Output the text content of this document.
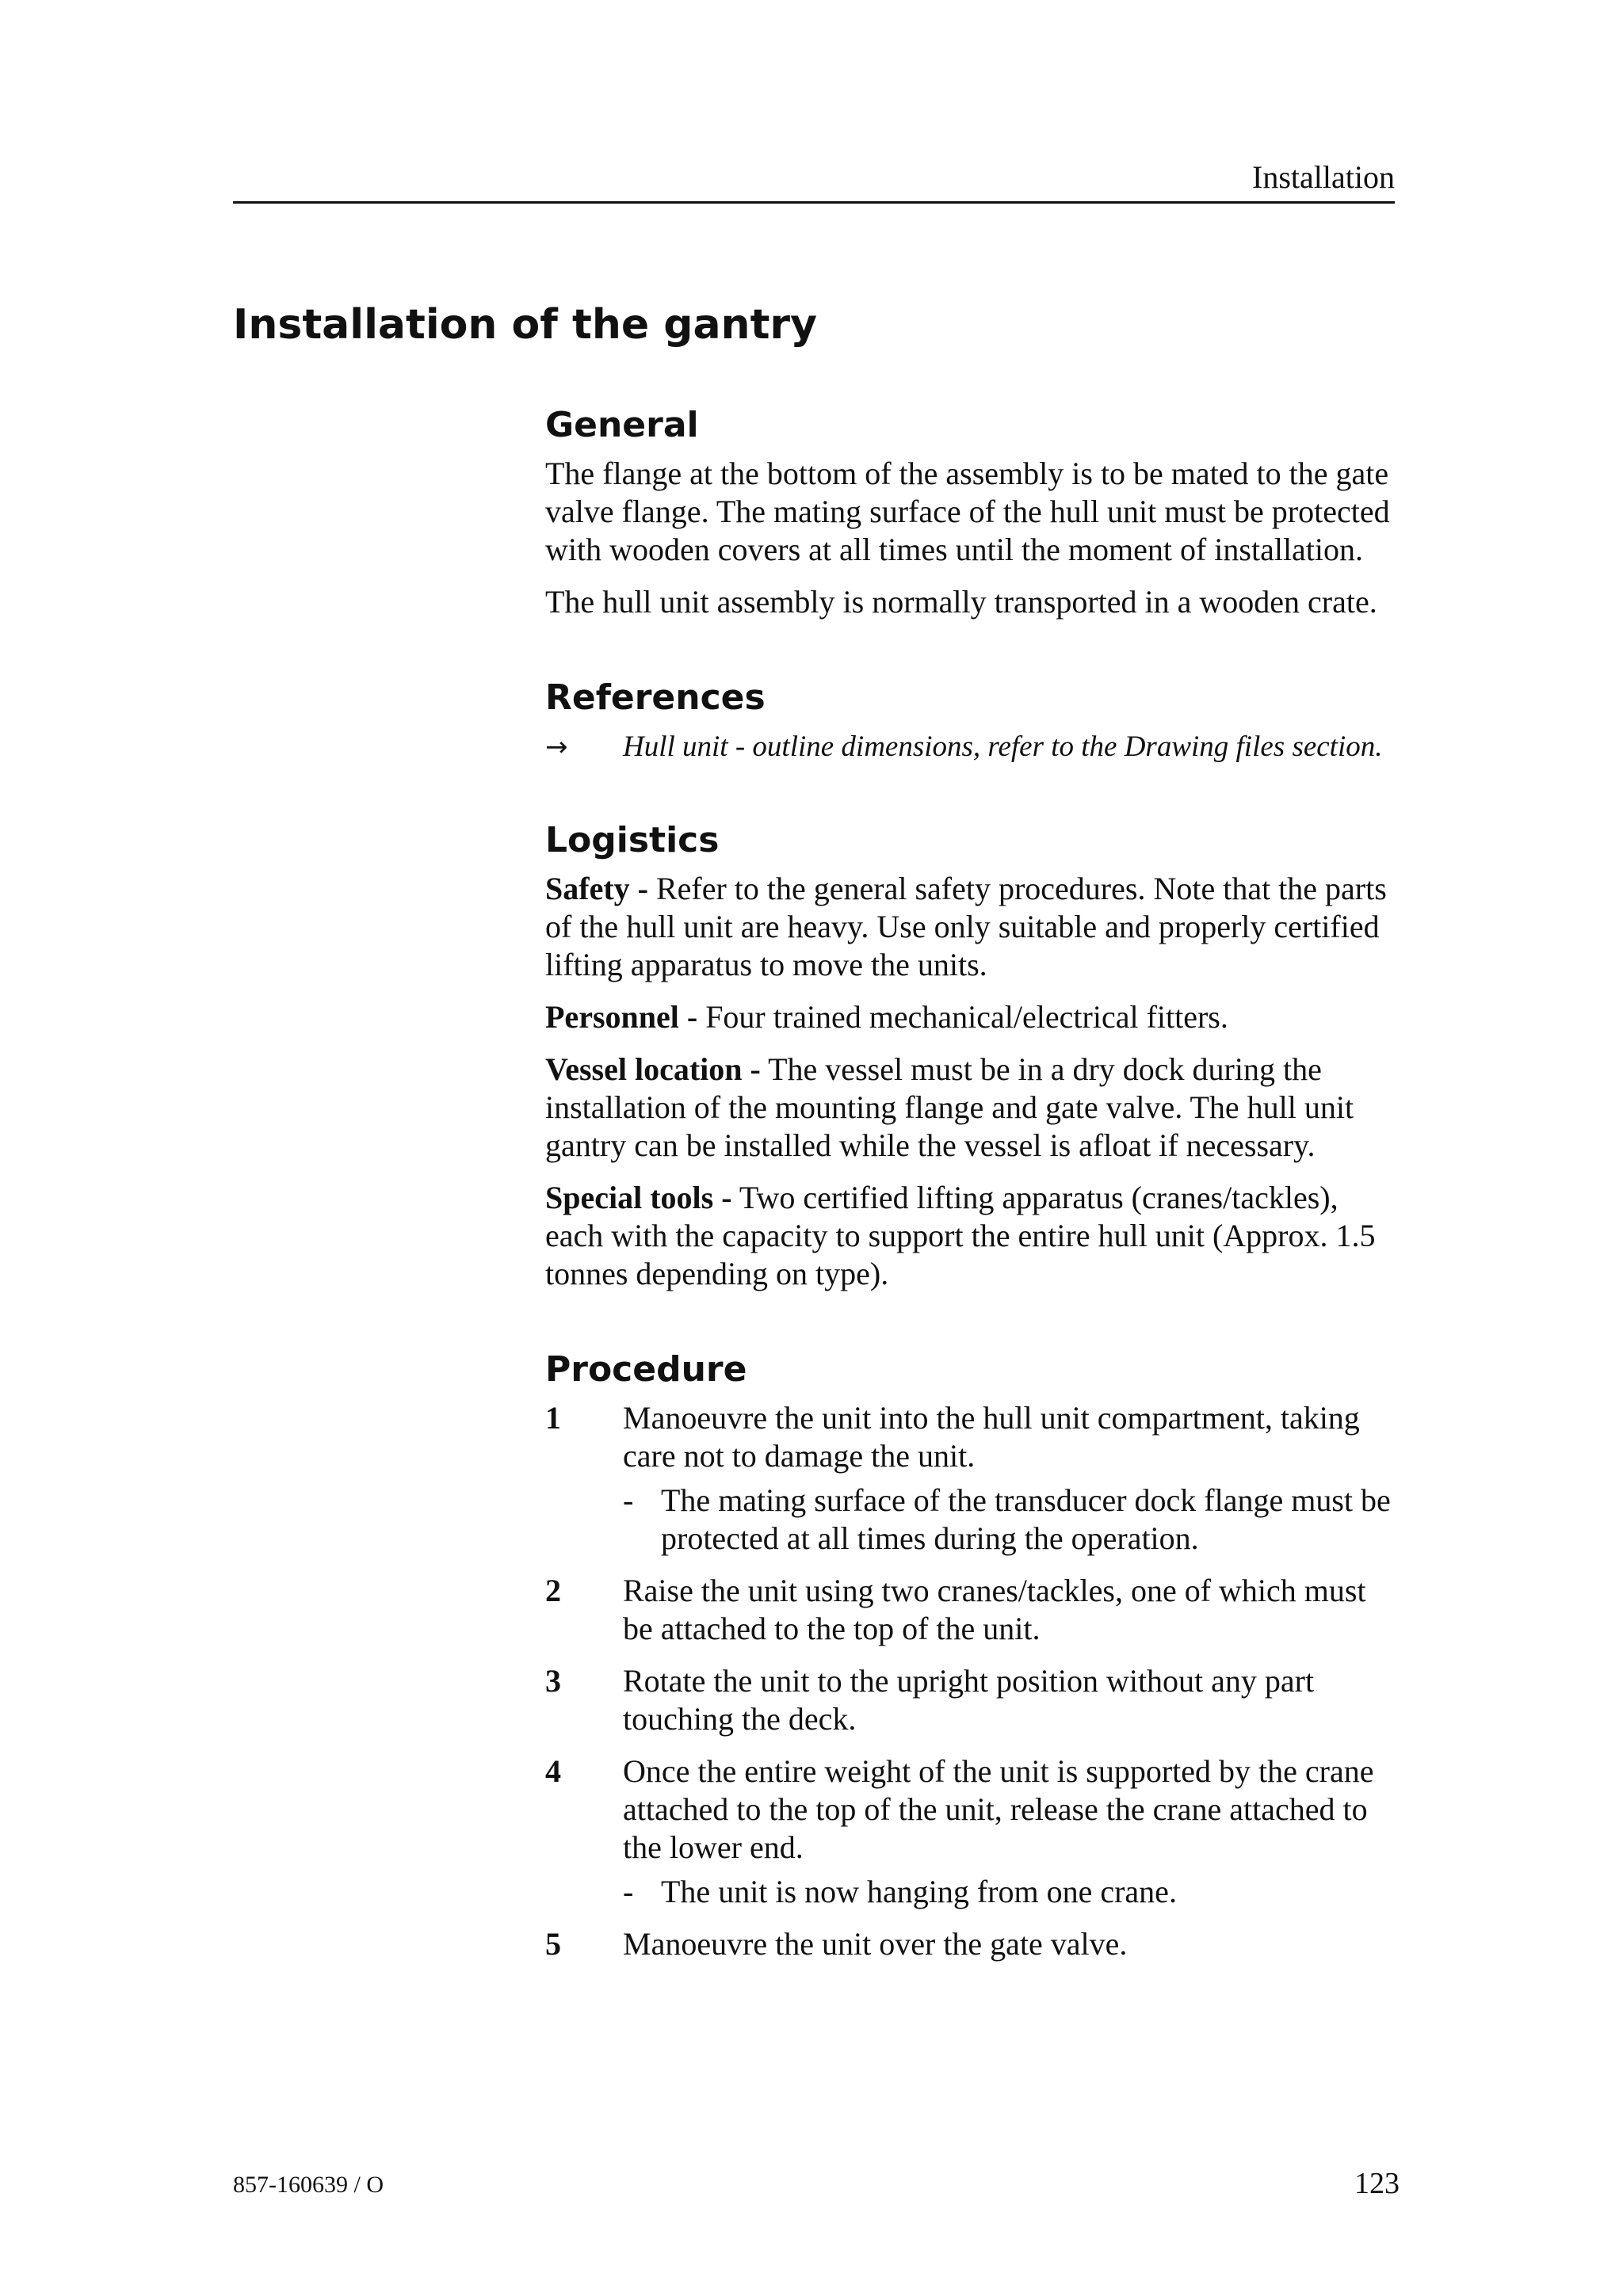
Installation
Installation of the gantry
General

The flange at the bottom of the assembly is to be mated to the gate valve flange. The mating surface of the hull unit must be protected with wooden covers at all times until the moment of installation.

The hull unit assembly is normally transported in a wooden crate.

References
→ Hull unit - outline dimensions, refer to the Drawing files section.
Logistics

Safety - Refer to the general safety procedures. Note that the parts of the hull unit are heavy. Use only suitable and properly certified lifting apparatus to move the units.

Personnel - Four trained mechanical/electrical fitters.

Vessel location - The vessel must be in a dry dock during the installation of the mounting flange and gate valve. The hull unit gantry can be installed while the vessel is afloat if necessary.

Special tools - Two certified lifting apparatus (cranes/tackles), each with the capacity to support the entire hull unit (Approx. 1.5 tonnes depending on type).

Procedure
1 Manoeuvre the unit into the hull unit compartment, taking care not to damage the unit.
- The mating surface of the transducer dock flange must be protected at all times during the operation.
2 Raise the unit using two cranes/tackles, one of which must be attached to the top of the unit.
3 Rotate the unit to the upright position without any part touching the deck.
4 Once the entire weight of the unit is supported by the crane attached to the top of the unit, release the crane attached to the lower end.
- The unit is now hanging from one crane.
5 Manoeuvre the unit over the gate valve.
857-160639 / O	123
